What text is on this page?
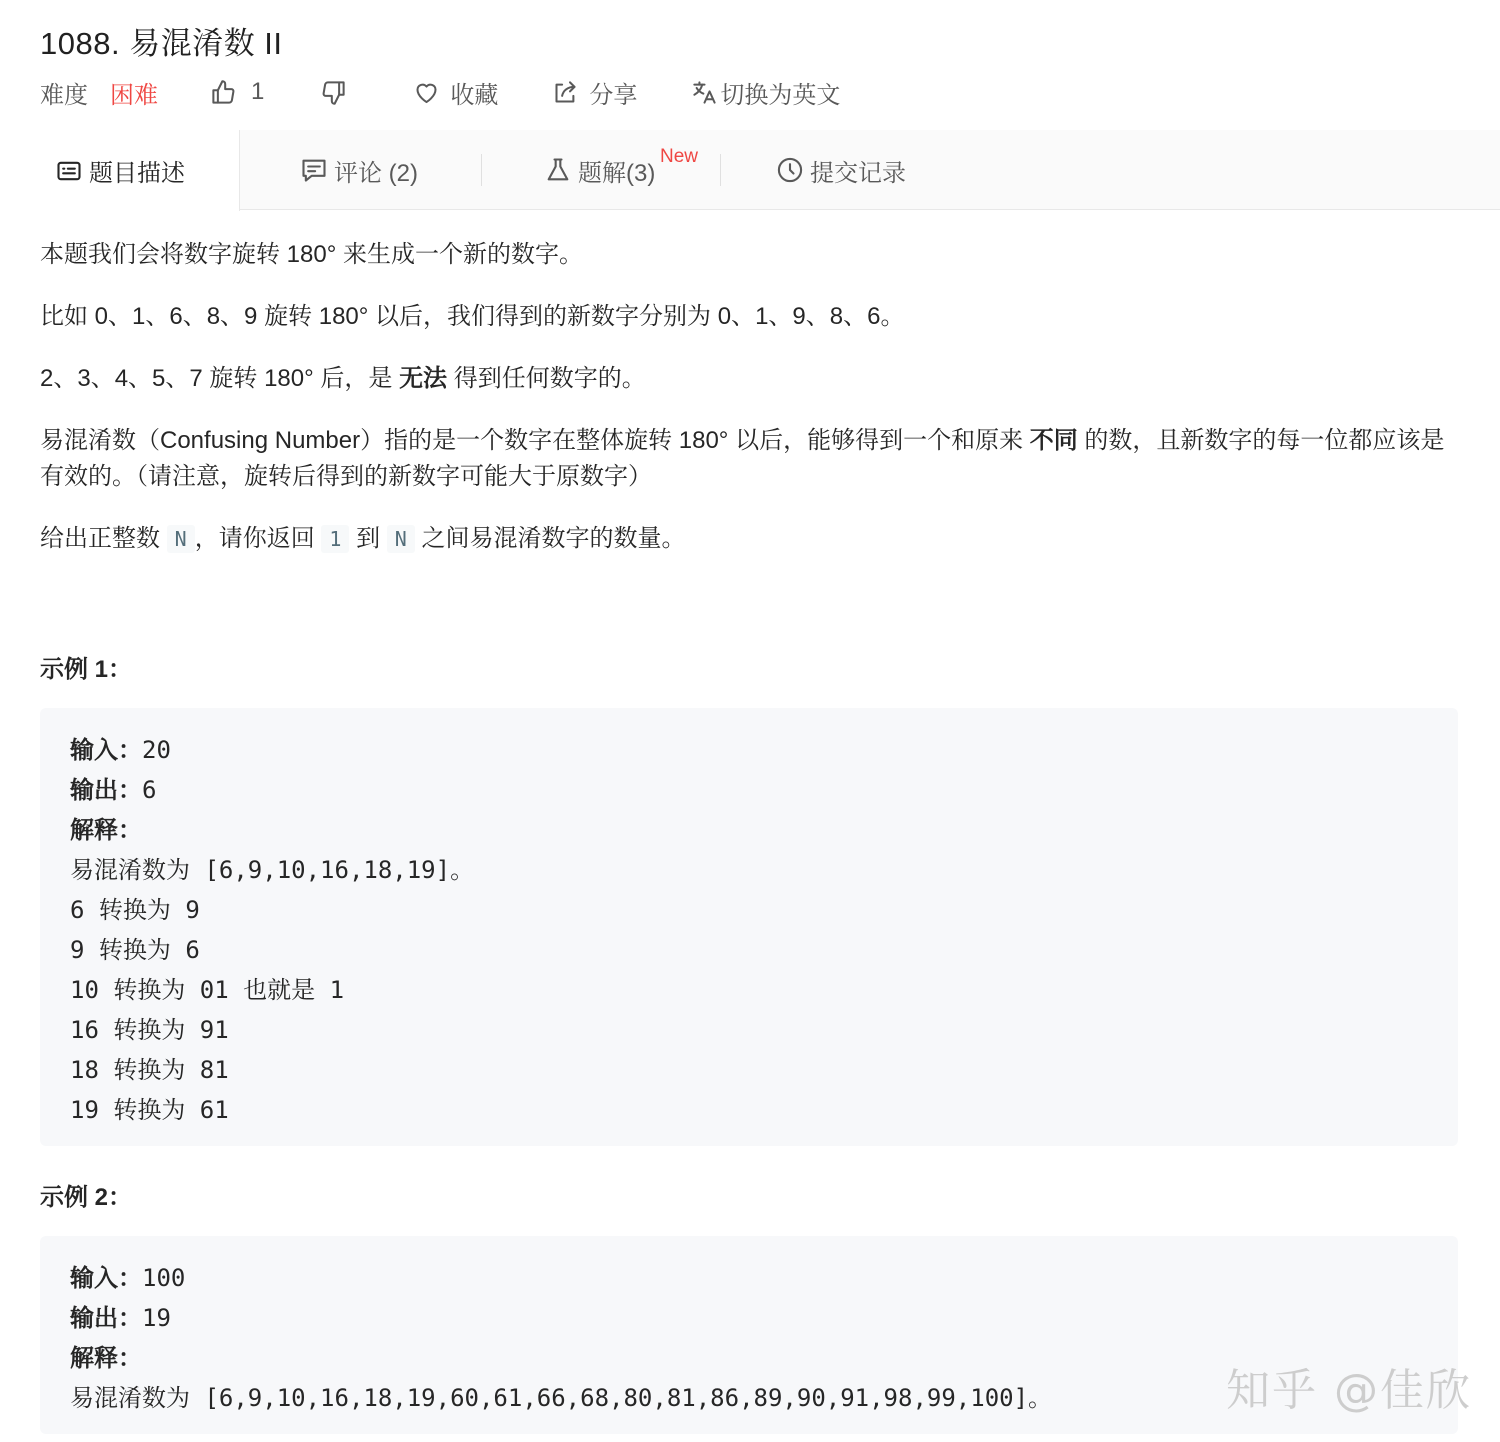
1088. 易混淆数 II
难度 困难	1	收藏	分享	切换为英文
题目描述	评论 (2)	题解(3)	提交记录
New
本题我们会将数字旋转 180° 来生成一个新的数字。
比如 0、1、6、8、9 旋转 180° 以后，我们得到的新数字分别为 0、1、9、8、6。
2、3、4、5、7 旋转 180° 后，是 无法 得到任何数字的。
易混淆数（Confusing Number）指的是一个数字在整体旋转 180° 以后，能够得到一个和原来 不同 的数，且新数字的每一位都应该是有效的。（请注意，旋转后得到的新数字可能大于原数字）
给出正整数 N ，请你返回 1 到 N 之间易混淆数字的数量。
示例 1：
输入：20
输出：6
解释：
易混淆数为 [6,9,10,16,18,19]。
6 转换为 9
9 转换为 6
10 转换为 01 也就是 1
16 转换为 91
18 转换为 81
19 转换为 61
示例 2：
输入：100
输出：19
解释：
易混淆数为 [6,9,10,16,18,19,60,61,66,68,80,81,86,89,90,91,98,99,100]。	知乎 @佳欣
